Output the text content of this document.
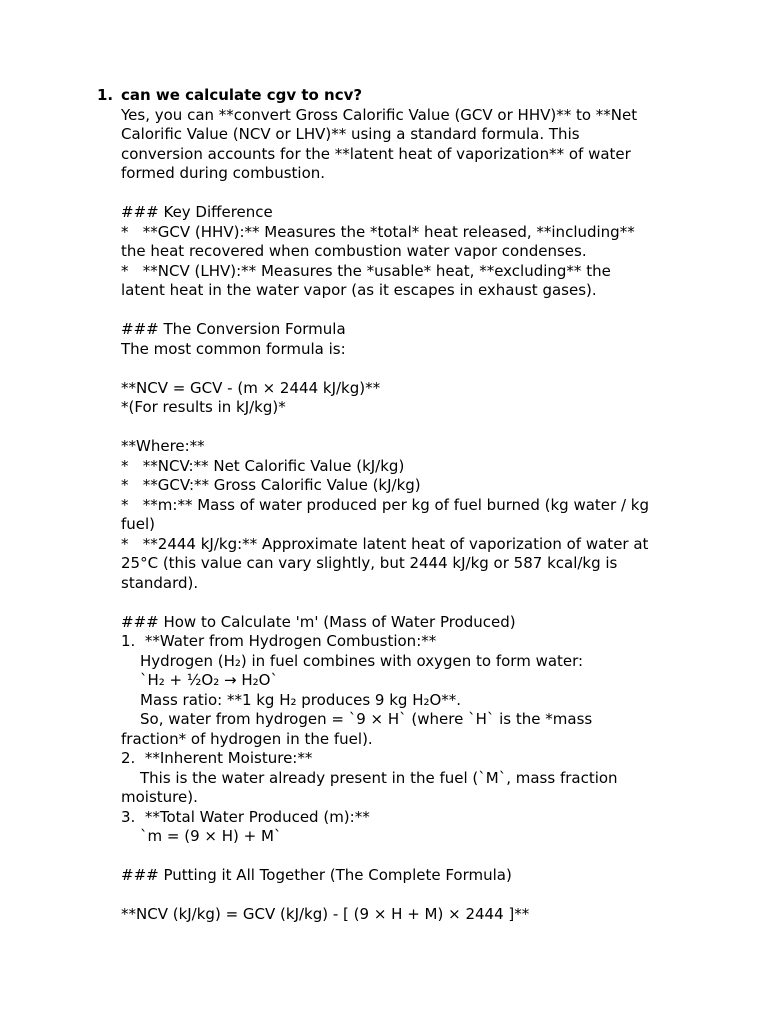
1. can we calculate cgv to ncv?
Yes, you can **convert Gross Calorific Value (GCV or HHV)** to **Net
Calorific Value (NCV or LHV)** using a standard formula. This
conversion accounts for the **latent heat of vaporization** of water
formed during combustion.
### Key Difference
*   **GCV (HHV):** Measures the *total* heat released, **including**
the heat recovered when combustion water vapor condenses.
*   **NCV (LHV):** Measures the *usable* heat, **excluding** the
latent heat in the water vapor (as it escapes in exhaust gases).
### The Conversion Formula
The most common formula is:
**NCV = GCV - (m × 2444 kJ/kg)**
*(For results in kJ/kg)*
**Where:**
*   **NCV:** Net Calorific Value (kJ/kg)
*   **GCV:** Gross Calorific Value (kJ/kg)
*   **m:** Mass of water produced per kg of fuel burned (kg water / kg
fuel)
*   **2444 kJ/kg:** Approximate latent heat of vaporization of water at
25°C (this value can vary slightly, but 2444 kJ/kg or 587 kcal/kg is
standard).
### How to Calculate 'm' (Mass of Water Produced)
1.  **Water from Hydrogen Combustion:**
Hydrogen (H₂) in fuel combines with oxygen to form water:
`H₂ + ½O₂ → H₂O`
Mass ratio: **1 kg H₂ produces 9 kg H₂O**.
So, water from hydrogen = `9 × H` (where `H` is the *mass
fraction* of hydrogen in the fuel).
2.  **Inherent Moisture:**
This is the water already present in the fuel (`M`, mass fraction
moisture).
3.  **Total Water Produced (m):**
`m = (9 × H) + M`
### Putting it All Together (The Complete Formula)
**NCV (kJ/kg) = GCV (kJ/kg) - [ (9 × H + M) × 2444 ]**
